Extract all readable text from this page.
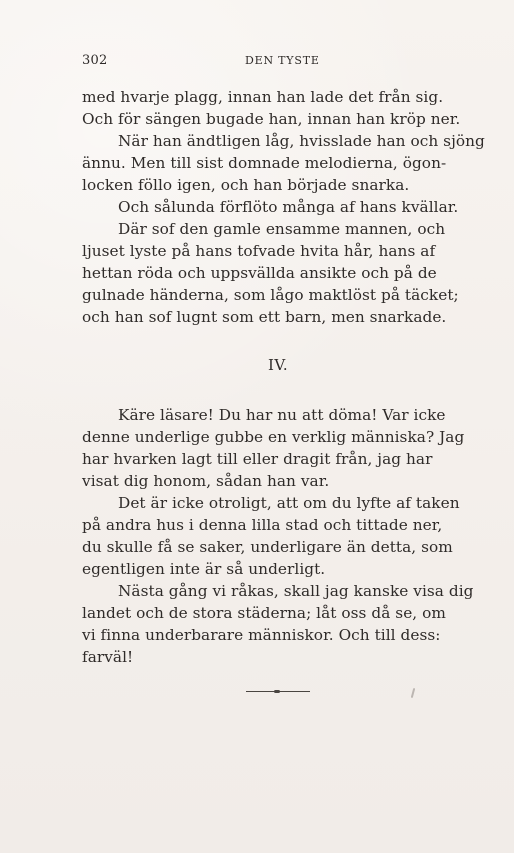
302	DEN TYSTE
med hvarje plagg, innan han lade det från sig.
Och för sängen bugade han, innan han kröp ner.
När han ändtligen låg, hvisslade han och sjöng
ännu. Men till sist domnade melodierna, ögon-
locken föllo igen, och han började snarka.
Och sålunda förflöto många af hans kvällar.
Där sof den gamle ensamme mannen, och
ljuset lyste på hans tofvade hvita hår, hans af
hettan röda och uppsvällda ansikte och på de
gulnade händerna, som lågo maktlöst på täcket;
och han sof lugnt som ett barn, men snarkade.
IV.
Käre läsare! Du har nu att döma! Var icke
denne underlige gubbe en verklig människa? Jag
har hvarken lagt till eller dragit från, jag har
visat dig honom, sådan han var.
Det är icke otroligt, att om du lyfte af taken
på andra hus i denna lilla stad och tittade ner,
du skulle få se saker, underligare än detta, som
egentligen inte är så underligt.
Nästa gång vi råkas, skall jag kanske visa dig
landet och de stora städerna; låt oss då se, om
vi finna underbarare människor. Och till dess:
farväl!
